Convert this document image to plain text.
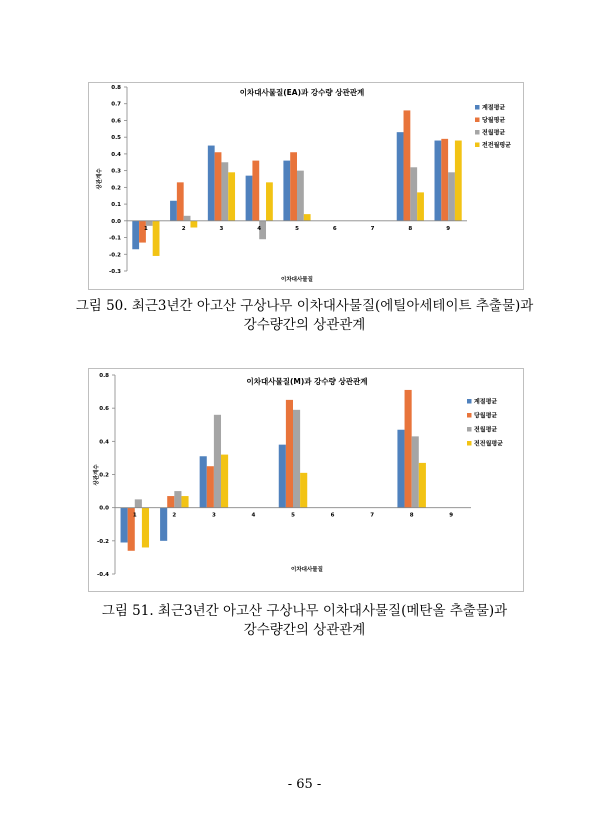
이차대사물질(EA)과 강수량 상관관계
0.8
0.7
0.6
0.5
0.4
0.3
0.2
0.1
0.0
-0.1
-0.2
-0.3
상관계수
1	2	3	4	5	6	7	8	9
이차대사물질
계절평균
당월평균
전월평균
전전월평균
그림 50. 최근3년간 아고산 구상나무 이차대사물질(에틸아세테이트 추출물)과
강수량간의 상관관계
이차대사물질(M)과 강수량 상관관계
0.8
0.6
0.4
0.2
0.0
-0.2
-0.4
상관계수
1	2	3	4	5	6	7	8	9
이차대사물질
계절평균
당월평균
전월평균
전전월평균
그림 51. 최근3년간 아고산 구상나무 이차대사물질(메탄올 추출물)과
강수량간의 상관관계
- 65 -
